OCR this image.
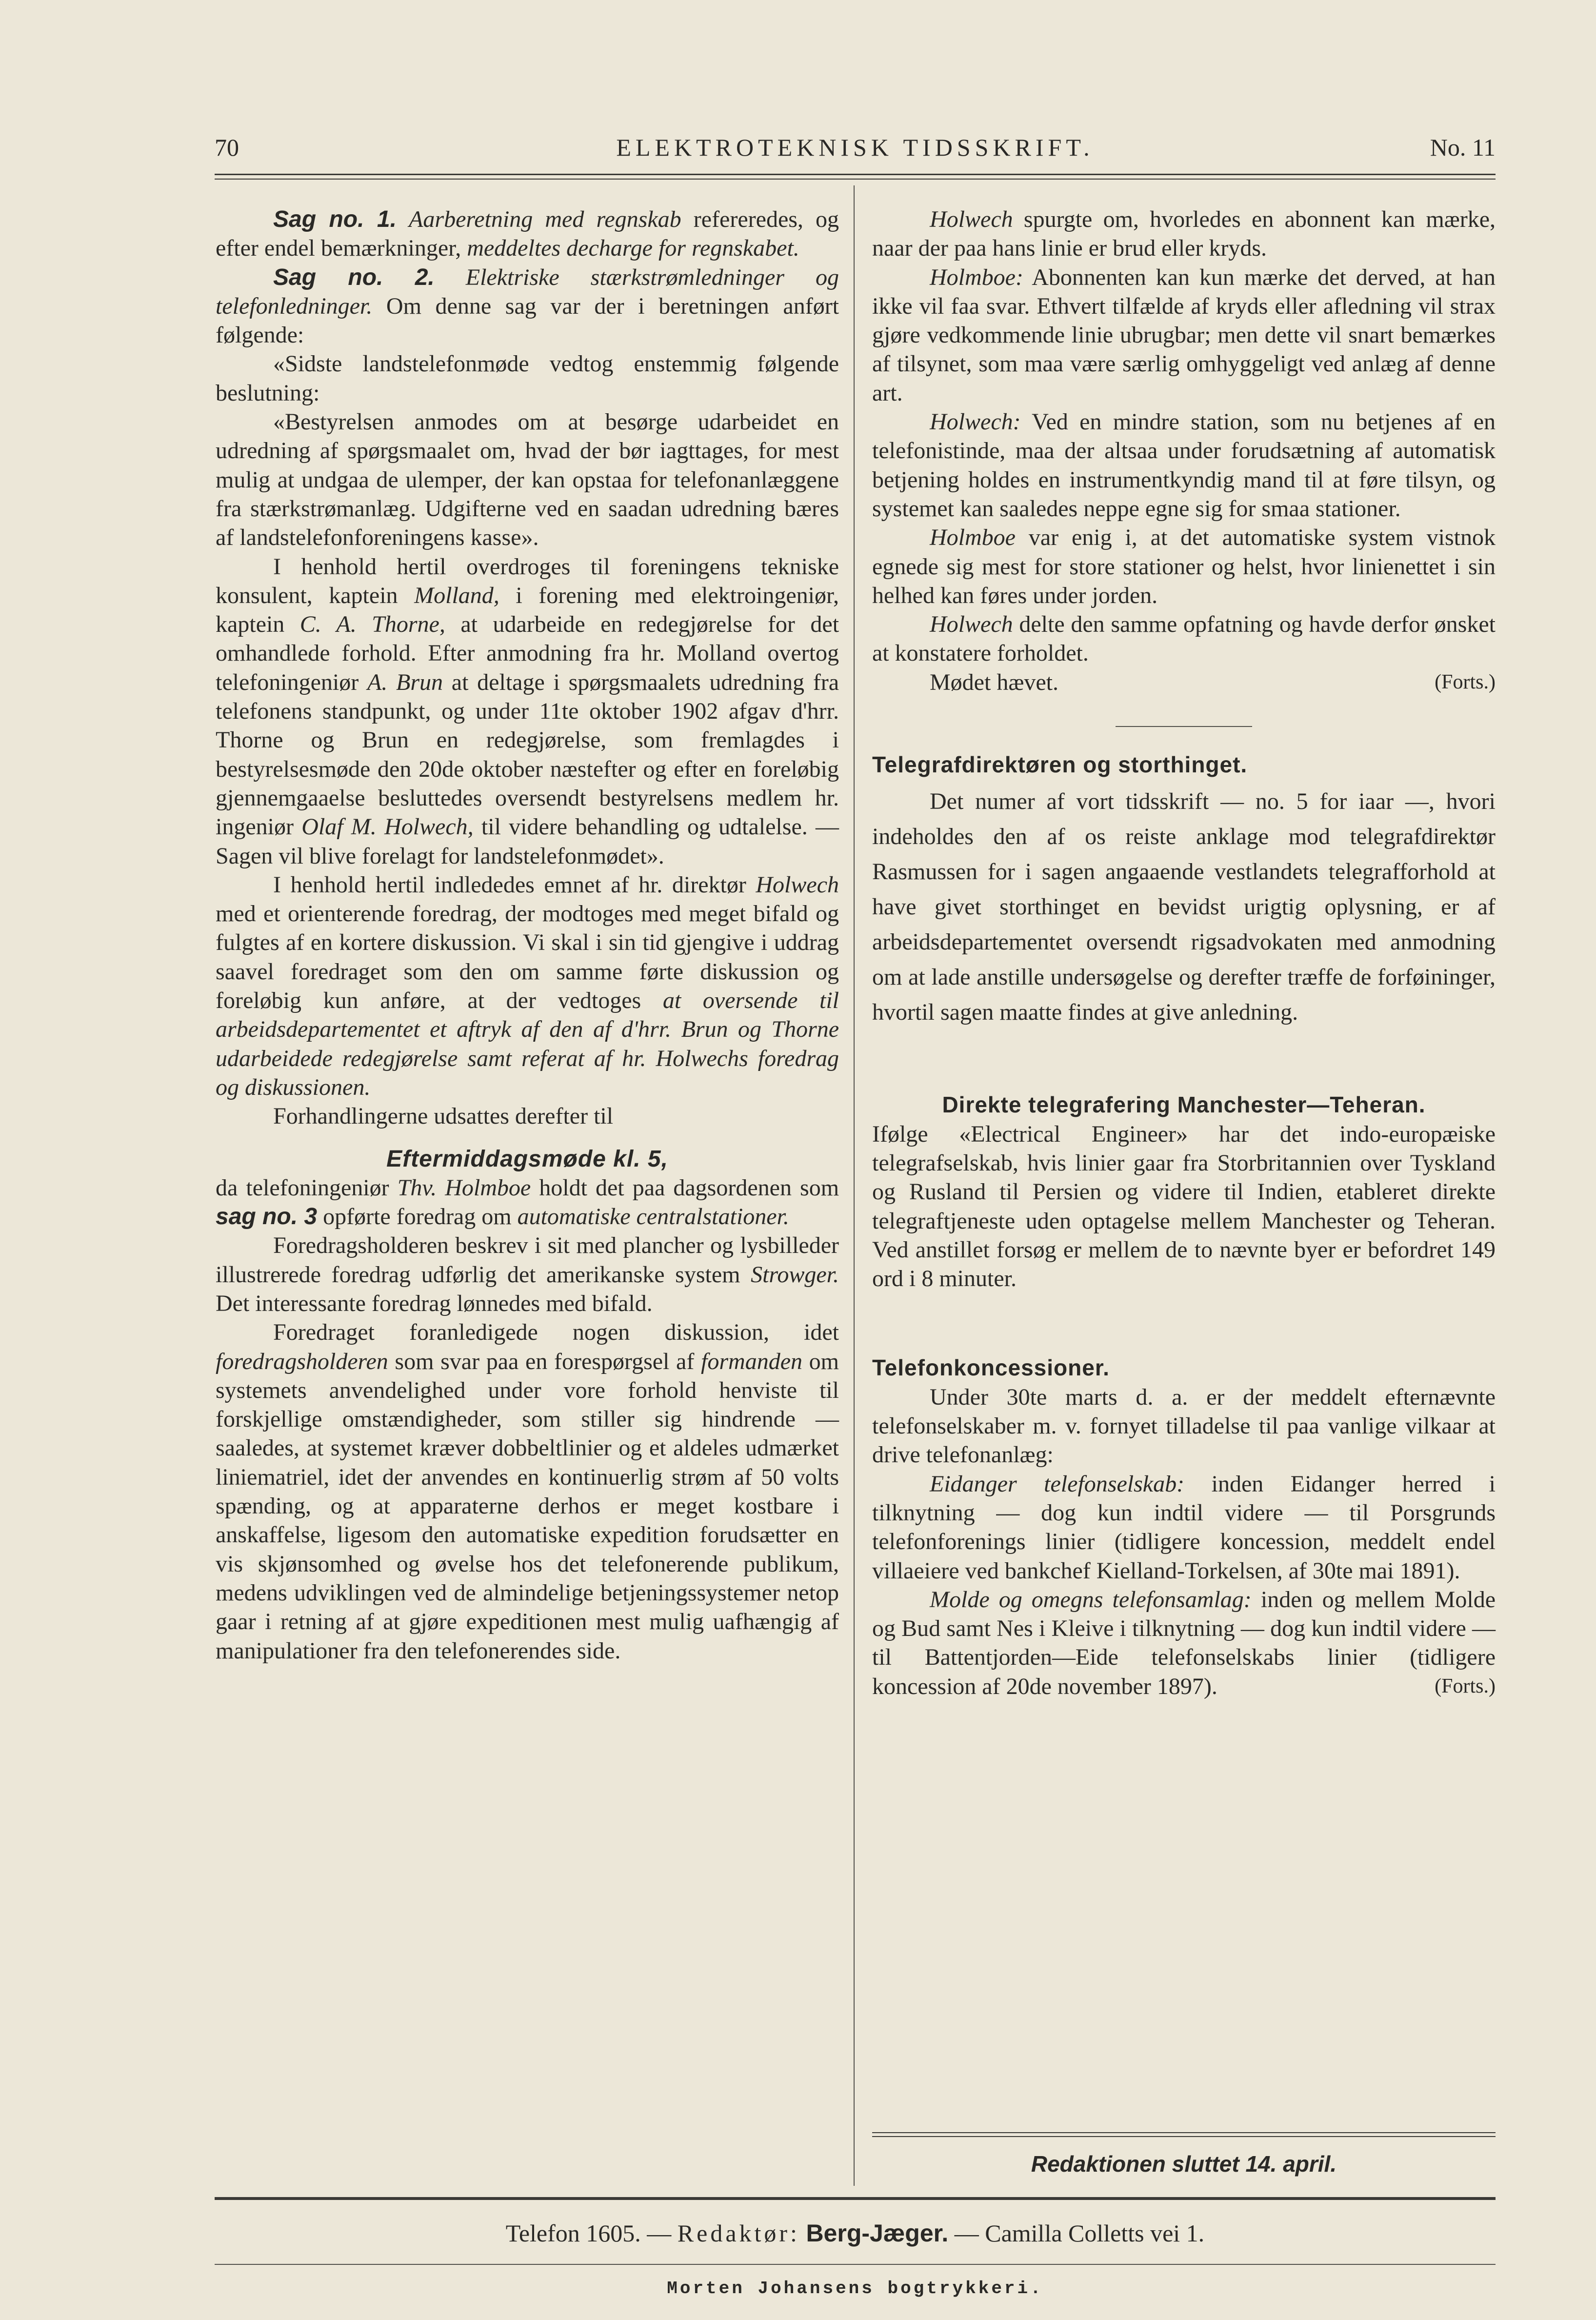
70	ELEKTROTEKNISK TIDSSKRIFT.	No. 11

Sag no. 1. Aarberetning med regnskab refereredes, og efter endel bemærkninger, meddeltes decharge for regnskabet.

Sag no. 2. Elektriske stærkstrømledninger og telefonledninger. Om denne sag var der i beretningen anført følgende:

«Sidste landstelefonmøde vedtog enstemmig følgende beslutning:

«Bestyrelsen anmodes om at besørge udarbeidet en udredning af spørgsmaalet om, hvad der bør iagttages, for mest mulig at undgaa de ulemper, der kan opstaa for telefonanlæggene fra stærkstrømanlæg. Udgifterne ved en saadan udredning bæres af landstelefonforeningens kasse».

I henhold hertil overdroges til foreningens tekniske konsulent, kaptein Molland, i forening med elektroingeniør, kaptein C. A. Thorne, at udarbeide en redegjørelse for det omhandlede forhold. Efter anmodning fra hr. Molland overtog telefoningeniør A. Brun at deltage i spørgsmaalets udredning fra telefonens standpunkt, og under 11te oktober 1902 afgav d'hrr. Thorne og Brun en redegjørelse, som fremlagdes i bestyrelsesmøde den 20de oktober næstefter og efter en foreløbig gjennemgaaelse besluttedes oversendt bestyrelsens medlem hr. ingeniør Olaf M. Holwech, til videre behandling og udtalelse. — Sagen vil blive forelagt for landstelefonmødet».

I henhold hertil indlededes emnet af hr. direktør Holwech med et orienterende foredrag, der modtoges med meget bifald og fulgtes af en kortere diskussion. Vi skal i sin tid gjengive i uddrag saavel foredraget som den om samme førte diskussion og foreløbig kun anføre, at der vedtoges at oversende til arbeidsdepartementet et aftryk af den af d'hrr. Brun og Thorne udarbeidede redegjørelse samt referat af hr. Holwechs foredrag og diskussionen.

Forhandlingerne udsattes derefter til

Eftermiddagsmøde kl. 5,

da telefoningeniør Thv. Holmboe holdt det paa dagsordenen som sag no. 3 opførte foredrag om automatiske centralstationer.

Foredragsholderen beskrev i sit med plancher og lysbilleder illustrerede foredrag udførlig det amerikanske system Strowger. Det interessante foredrag lønnedes med bifald.

Foredraget foranledigede nogen diskussion, idet foredragsholderen som svar paa en forespørgsel af formanden om systemets anvendelighed under vore forhold henviste til forskjellige omstændigheder, som stiller sig hindrende — saaledes, at systemet kræver dobbeltlinier og et aldeles udmærket liniematriel, idet der anvendes en kontinuerlig strøm af 50 volts spænding, og at apparaterne derhos er meget kostbare i anskaffelse, ligesom den automatiske expedition forudsætter en vis skjønsomhed og øvelse hos det telefonerende publikum, medens udviklingen ved de almindelige betjeningssystemer netop gaar i retning af at gjøre expeditionen mest mulig uafhængig af manipulationer fra den telefonerendes side.

Holwech spurgte om, hvorledes en abonnent kan mærke, naar der paa hans linie er brud eller kryds.

Holmboe: Abonnenten kan kun mærke det derved, at han ikke vil faa svar. Ethvert tilfælde af kryds eller afledning vil strax gjøre vedkommende linie ubrugbar; men dette vil snart bemærkes af tilsynet, som maa være særlig omhyggeligt ved anlæg af denne art.

Holwech: Ved en mindre station, som nu betjenes af en telefonistinde, maa der altsaa under forudsætning af automatisk betjening holdes en instrumentkyndig mand til at føre tilsyn, og systemet kan saaledes neppe egne sig for smaa stationer.

Holmboe var enig i, at det automatiske system vistnok egnede sig mest for store stationer og helst, hvor linienettet i sin helhed kan føres under jorden.

Holwech delte den samme opfatning og havde derfor ønsket at konstatere forholdet.

Mødet hævet.	(Forts.)

Telegrafdirektøren og storthinget.

Det numer af vort tidsskrift — no. 5 for iaar —, hvori indeholdes den af os reiste anklage mod telegrafdirektør Rasmussen for i sagen angaaende vestlandets telegrafforhold at have givet storthinget en bevidst urigtig oplysning, er af arbeidsdepartementet oversendt rigsadvokaten med anmodning om at lade anstille undersøgelse og derefter træffe de forføininger, hvortil sagen maatte findes at give anledning.

Direkte telegrafering Manchester—Teheran.

Ifølge «Electrical Engineer» har det indo-europæiske telegrafselskab, hvis linier gaar fra Storbritannien over Tyskland og Rusland til Persien og videre til Indien, etableret direkte telegraftjeneste uden optagelse mellem Manchester og Teheran. Ved anstillet forsøg er mellem de to nævnte byer er befordret 149 ord i 8 minuter.

Telefonkoncessioner.

Under 30te marts d. a. er der meddelt efternævnte telefonselskaber m. v. fornyet tilladelse til paa vanlige vilkaar at drive telefonanlæg:

Eidanger telefonselskab: inden Eidanger herred i tilknytning — dog kun indtil videre — til Porsgrunds telefonforenings linier (tidligere koncession, meddelt endel villaeiere ved bankchef Kielland-Torkelsen, af 30te mai 1891).

Molde og omegns telefonsamlag: inden og mellem Molde og Bud samt Nes i Kleive i tilknytning — dog kun indtil videre — til Battentjorden—Eide telefonselskabs linier (tidligere koncession af 20de november 1897).	(Forts.)

Redaktionen sluttet 14. april.
Telefon 1605. — Redaktør: Berg-Jæger. — Camilla Colletts vei 1.
Morten Johansens bogtrykkeri.
